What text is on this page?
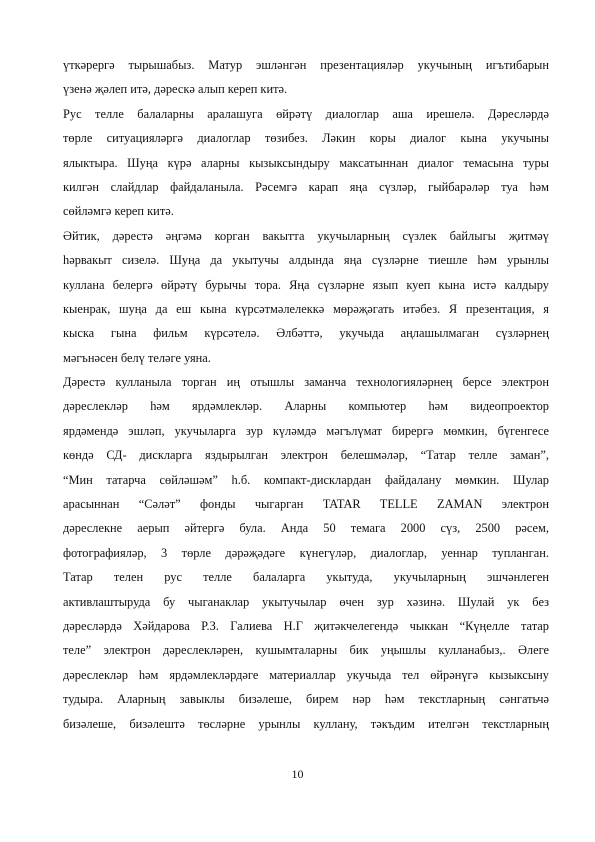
үткәрергә тырышабыз. Матур эшләнгән презентацияләр укучының игътибарын
үзенә җәлеп итә, дәрескә алып кереп китә.
Рус телле балаларны аралашуга өйрәтү диалоглар аша ирешелә. Дәресләрдә
төрле ситуацияләргә диалоглар төзибез. Ләкин коры диалог кына укучыны
ялыктыра. Шуңа күрә аларны кызыксындыру максатыннан диалог темасына туры
килгән слайдлар файдаланыла. Рәсемгә карап яңа сүзләр, гыйбарәләр туа һәм
сөйләмгә кереп китә.
Әйтик, дәрестә әңгәмә корган вакытта укучыларның сүзлек байлыгы җитмәү
һәрвакыт сизелә. Шуңа да укытучы алдында яңа сүзләрне тиешле һәм урынлы
кулланa белергә өйрәтү бурычы тора. Яңа сүзләрне язып куеп кына истә калдыру
кыенрак, шуңа да еш кына күрсәтмәлелеккә мөрәҗәгать итәбез. Я презентация, я
кыска гына фильм күрсәтелә. Әлбәттә, укучыда аңлашылмаган сүзләрнең
мәгънәсен белү теләге уяна.
Дәрестә кулланыла торган иң отышлы заманча технологияләрнең берсе электрон
дәреслекләр һәм ярдәмлекләр. Аларны компьютер һәм видеопроектор
ярдәмендә эшләп, укучыларга зур күләмдә мәгълүмат бирергә мөмкин, бүгенгесе
көндә СД- дискларга яздырылган электрон белешмәләр, “Татар телле заман”,
“Мин татарча сөйләшәм” һ.б. компакт-дисклардан файдалану мөмкин. Шулар
арасыннан “Сәләт” фонды чыгарган TATAR TELLE ZAMAN электрон
дәреслекне аерып әйтергә була. Анда 50 темага 2000 сүз, 2500 рәсем,
фотографияләр, 3 төрле дәрәҗәдәге күнегүләр, диалоглар, уеннар тупланган.
Татар телен рус телле балаларга укытуда, укучыларның эшчәнлеген
активлаштыруда бу чыганаклар укытучылар өчен зур хәзинә. Шулай ук без
дәресләрдә Хәйдарова Р.З. Галиева Н.Г җитәкчелегендә чыккан “Күңелле татар
теле” электрон дәреслекләрен, кушымталарны бик уңышлы кулланабыз,. Әлеге
дәреслекләр һәм ярдәмлекләрдәге материаллар укучыда тел өйрәнүгә кызыксыну
тудыра. Аларның завыклы бизәлеше, бирем нәр һәм текстларның сәнгатьчә
бизәлеше, бизәлештә төсләрне урынлы куллану, тәкъдим ителгән текстларның
10
